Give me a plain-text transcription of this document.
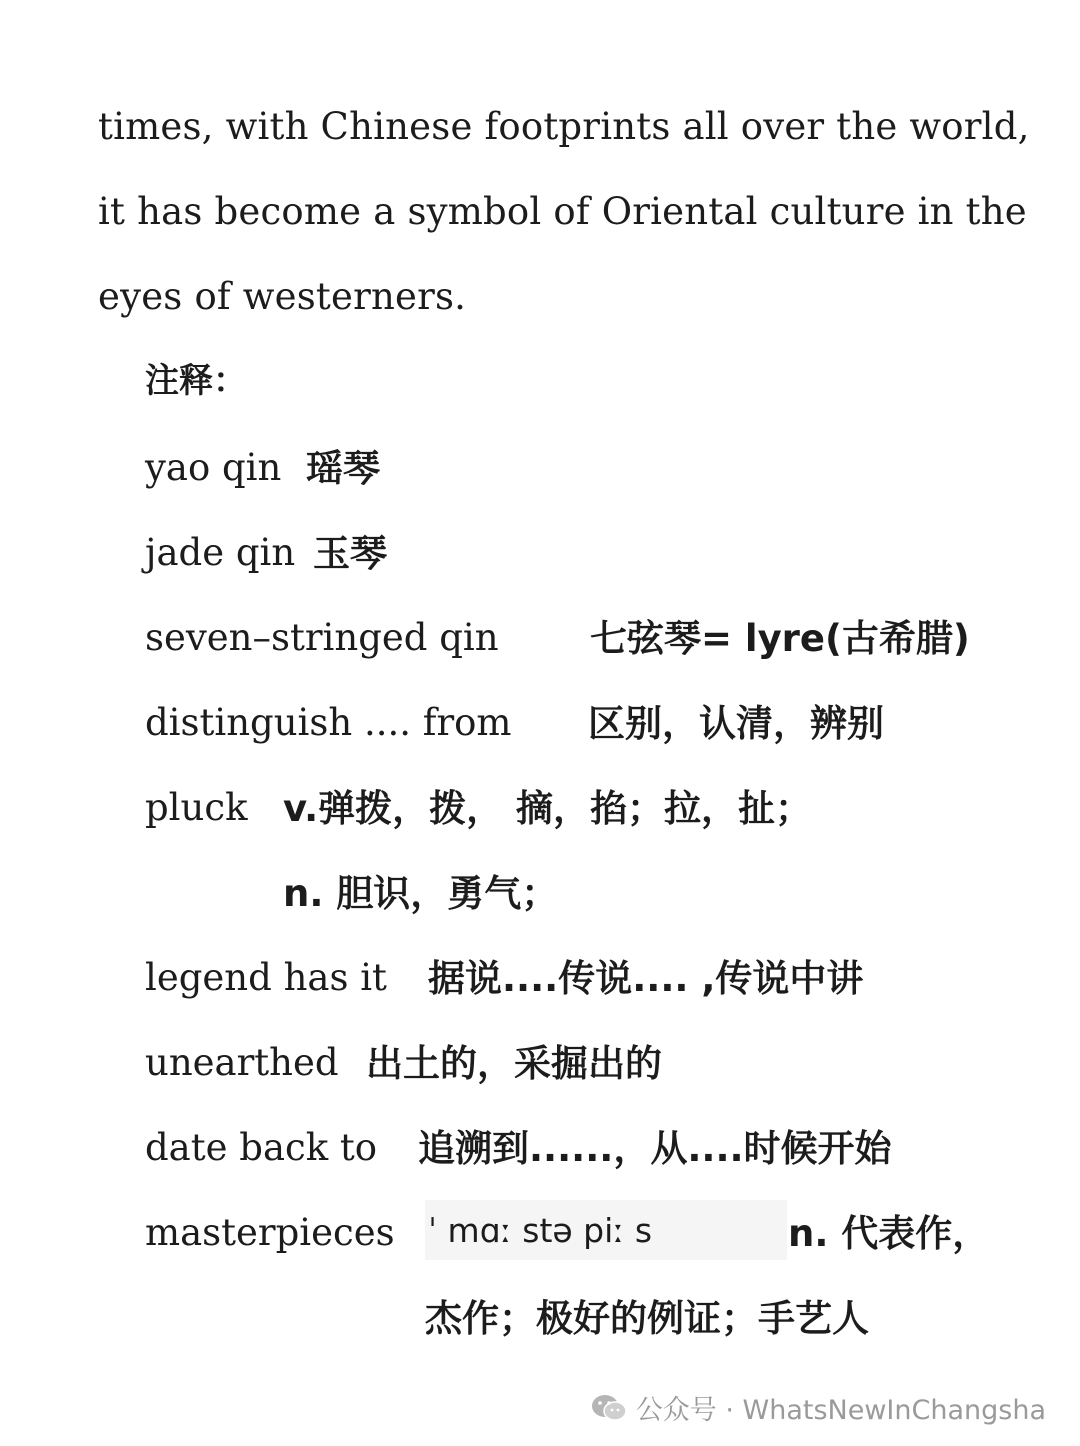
times, with Chinese footprints all over the world,
it has become a symbol of Oriental culture in the
eyes of westerners.
注释：
yao qin 瑶琴
jade qin 玉琴
seven–stringed qin 七弦琴= lyre(古希腊)
distinguish .... from 区别，认清，辨别
pluck v.弹拨，拨， 摘，掐；拉，扯；
n. 胆识，勇气；
legend has it 据说....传说.... ,传说中讲
unearthed 出土的，采掘出的
date back to 追溯到......，从....时候开始
masterpieces ˈ mɑː stə piː s	n. 代表作，
杰作；极好的例证；手艺人
公众号 · WhatsNewInChangsha
